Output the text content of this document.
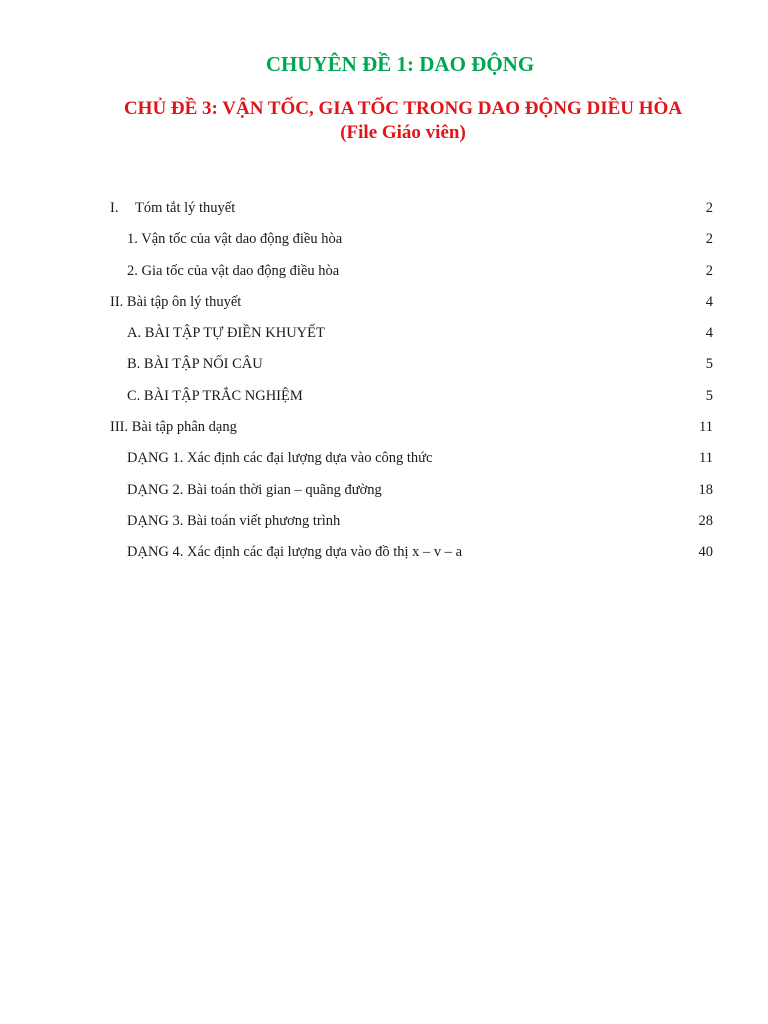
CHUYÊN ĐỀ 1: DAO ĐỘNG
CHỦ ĐỀ 3: VẬN TỐC, GIA TỐC TRONG DAO ĐỘNG DIỀU HÒA
(File Giáo viên)
I. Tóm tắt lý thuyết	2
1. Vận tốc của vật dao động điều hòa	2
2. Gia tốc của vật dao động điều hòa	2
II. Bài tập ôn lý thuyết	4
A. BÀI TẬP TỰ ĐIỀN KHUYẾT	4
B. BÀI TẬP NỐI CÂU	5
C. BÀI TẬP TRẮC NGHIỆM	5
III. Bài tập phân dạng	11
DẠNG 1. Xác định các đại lượng dựa vào công thức	11
DẠNG 2. Bài toán thời gian – quãng đường	18
DẠNG 3. Bài toán viết phương trình	28
DẠNG 4. Xác định các đại lượng dựa vào đồ thị x – v – a	40
